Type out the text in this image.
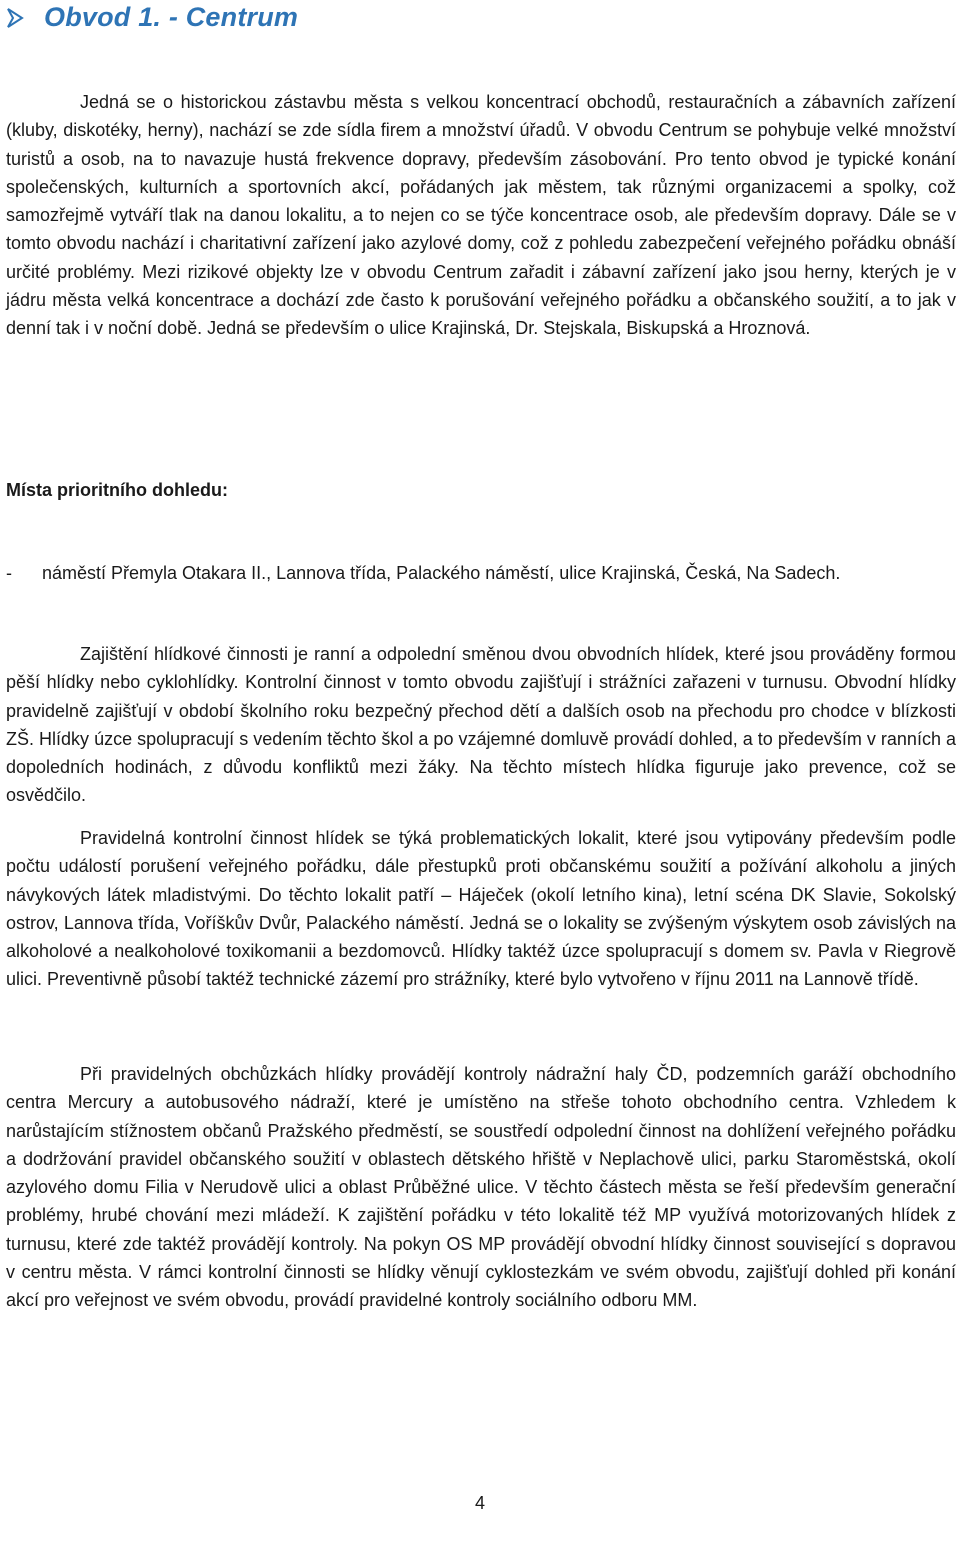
Obvod 1. - Centrum

Jedná se o historickou zástavbu města s velkou koncentrací obchodů, restauračních a zábavních zařízení (kluby, diskotéky, herny), nachází se zde sídla firem a množství úřadů. V obvodu Centrum se pohybuje velké množství turistů a osob, na to navazuje hustá frekvence dopravy, především zásobování. Pro tento obvod je typické konání společenských, kulturních a sportovních akcí, pořádaných jak městem, tak různými organizacemi a spolky, což samozřejmě vytváří tlak na danou lokalitu, a to nejen co se týče koncentrace osob, ale především dopravy. Dále se v tomto obvodu nachází i charitativní zařízení jako azylové domy, což z pohledu zabezpečení veřejného pořádku obnáší určité problémy. Mezi rizikové objekty lze v obvodu Centrum zařadit i zábavní zařízení jako jsou herny, kterých je v jádru města velká koncentrace a dochází zde často k porušování veřejného pořádku a občanského soužití, a to jak v denní tak i v noční době. Jedná se především o ulice Krajinská, Dr. Stejskala, Biskupská a Hroznová.

Místa prioritního dohledu:

-	náměstí Přemyla Otakara II., Lannova třída, Palackého náměstí, ulice Krajinská, Česká, Na Sadech.

Zajištění hlídkové činnosti je ranní a odpolední směnou dvou obvodních hlídek, které jsou prováděny formou pěší hlídky nebo cyklohlídky. Kontrolní činnost v tomto obvodu zajišťují i strážníci zařazeni v turnusu. Obvodní hlídky pravidelně zajišťují v období školního roku bezpečný přechod dětí a dalších osob na přechodu pro chodce v blízkosti ZŠ. Hlídky úzce spolupracují s vedením těchto škol a po vzájemné domluvě provádí dohled, a to především v ranních a dopoledních hodinách, z důvodu konfliktů mezi žáky. Na těchto místech hlídka figuruje jako prevence, což se osvědčilo.

Pravidelná kontrolní činnost hlídek se týká problematických lokalit, které jsou vytipovány především podle počtu událostí porušení veřejného pořádku, dále přestupků proti občanskému soužití a požívání alkoholu a jiných návykových látek mladistvými. Do těchto lokalit patří – Háječek (okolí letního kina), letní scéna DK Slavie, Sokolský ostrov, Lannova třída, Voříškův Dvůr, Palackého náměstí. Jedná se o lokality se zvýšeným výskytem osob závislých na alkoholové a nealkoholové toxikomanii a bezdomovců. Hlídky taktéž úzce spolupracují s domem sv. Pavla v Riegrově ulici. Preventivně působí taktéž technické zázemí pro strážníky, které bylo vytvořeno v říjnu 2011 na Lannově třídě.

Při pravidelných obchůzkách hlídky provádějí kontroly nádražní haly ČD, podzemních garáží obchodního centra Mercury a autobusového nádraží, které je umístěno na střeše tohoto obchodního centra. Vzhledem k narůstajícím stížnostem občanů Pražského předměstí, se soustředí odpolední činnost na dohlížení veřejného pořádku a dodržování pravidel občanského soužití v oblastech dětského hřiště v Neplachově ulici, parku Staroměstská, okolí azylového domu Filia v Nerudově ulici a oblast Průběžné ulice. V těchto částech města se řeší především generační problémy, hrubé chování mezi mládeží. K zajištění pořádku v této lokalitě též MP využívá motorizovaných hlídek z turnusu, které zde taktéž provádějí kontroly. Na pokyn OS MP provádějí obvodní hlídky činnost související s dopravou v centru města. V rámci kontrolní činnosti se hlídky věnují cyklostezkám ve svém obvodu, zajišťují dohled při konání akcí pro veřejnost ve svém obvodu, provádí pravidelné kontroly sociálního odboru MM.

4
